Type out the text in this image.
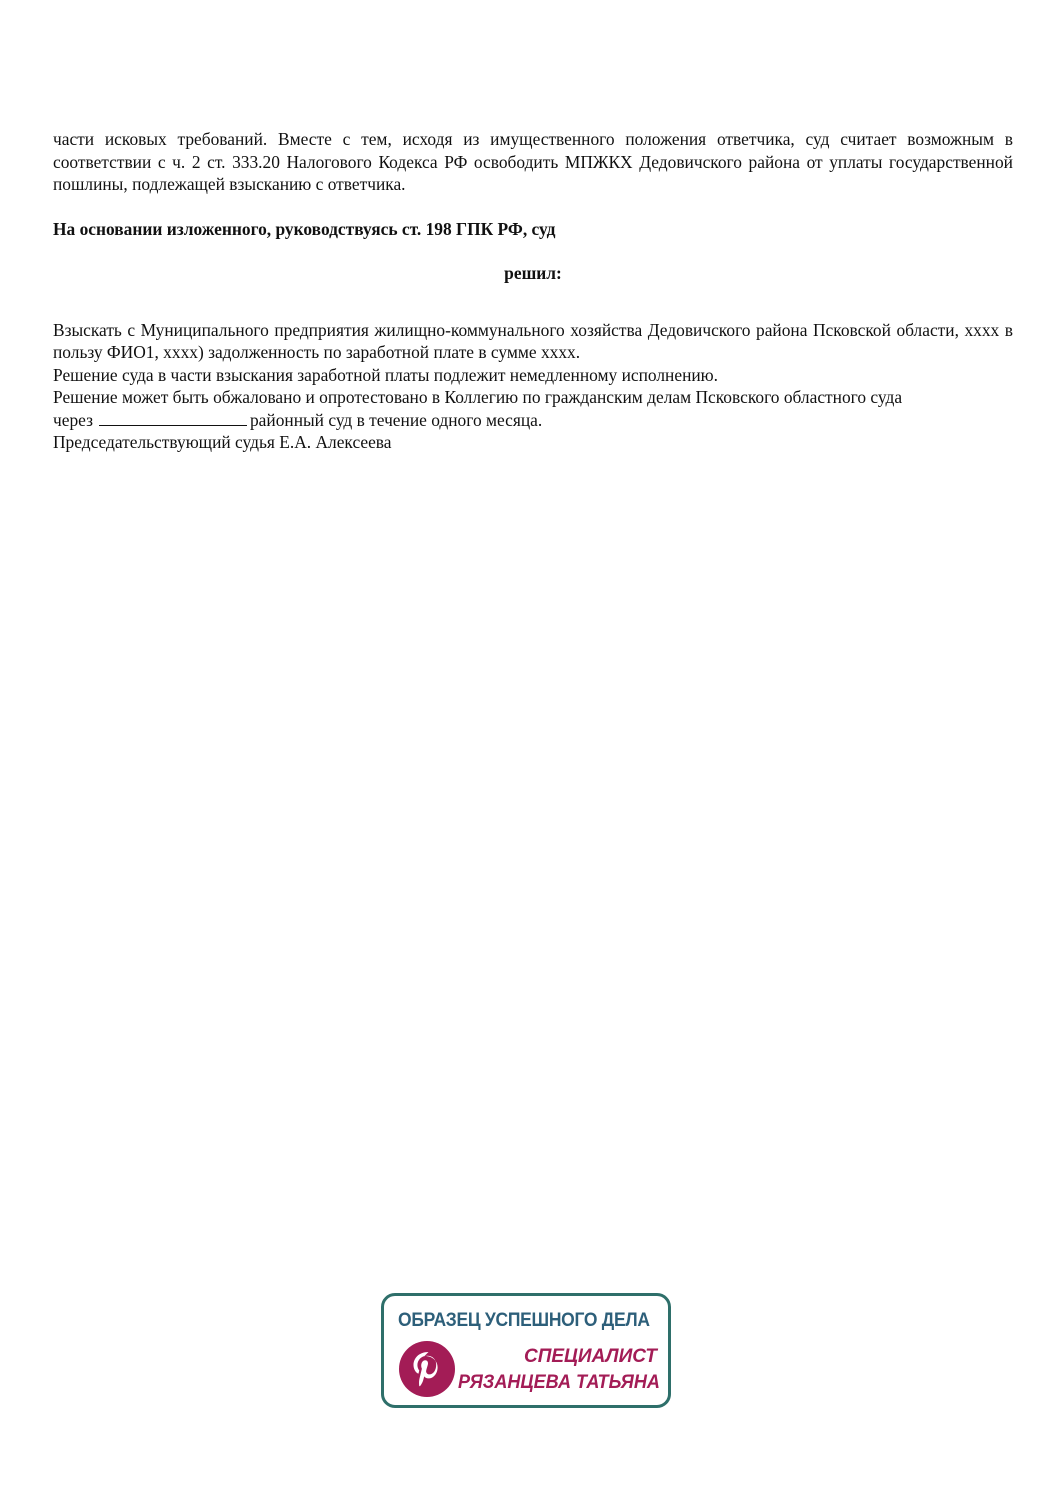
части исковых требований. Вместе с тем, исходя из имущественного положения ответчика, суд считает возможным в соответствии с ч. 2 ст. 333.20 Налогового Кодекса РФ освободить МПЖКХ Дедовичского района от уплаты государственной пошлины, подлежащей взысканию с ответчика.

На основании изложенного, руководствуясь ст. 198 ГПК РФ, суд

решил:

Взыскать с Муниципального предприятия жилищно-коммунального хозяйства Дедовичского района Псковской области, хххх в пользу ФИО1, хххх) задолженность по заработной плате в сумме хххх.

Решение суда в части взыскания заработной платы подлежит немедленному исполнению.

Решение может быть обжаловано и опротестовано в Коллегию по гражданским делам Псковского областного суда

через	районный суд в течение одного месяца.

Председательствующий судья Е.А. Алексеева

ОБРАЗЕЦ УСПЕШНОГО ДЕЛА
СПЕЦИАЛИСТ
РЯЗАНЦЕВА ТАТЬЯНА
